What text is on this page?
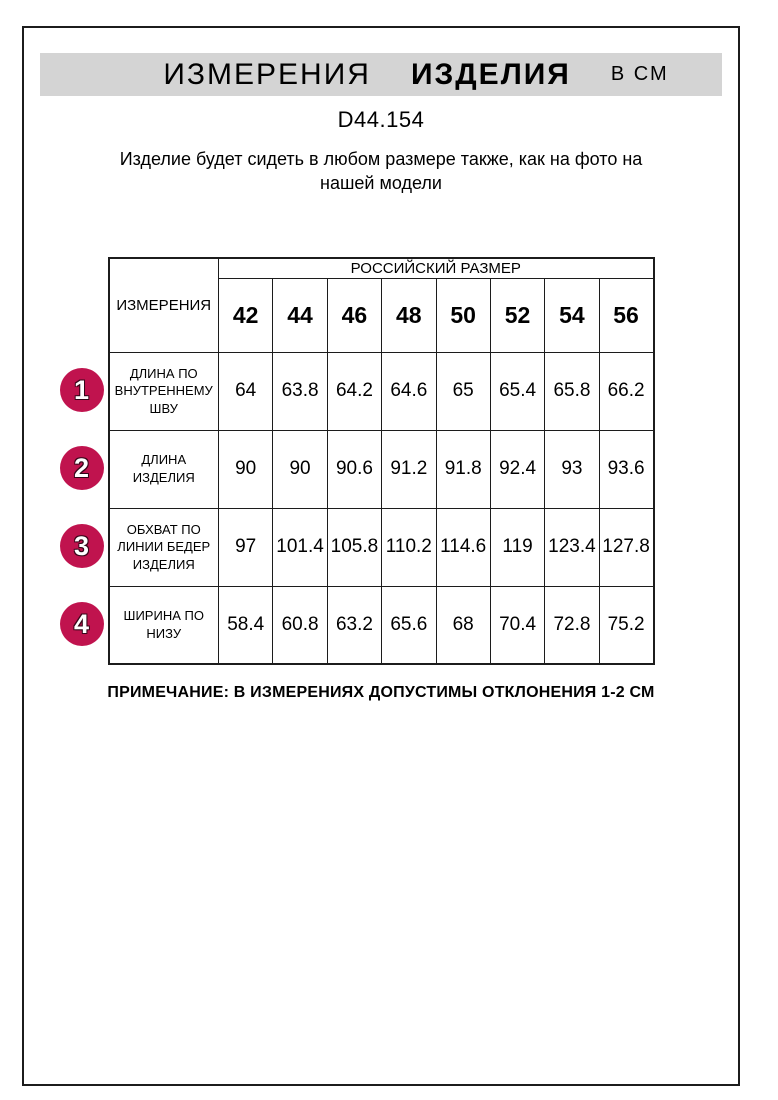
ИЗМЕРЕНИЯ ИЗДЕЛИЯ В СМ
D44.154
Изделие будет сидеть в любом размере также, как на фото на
нашей модели
1
2
3
4
ИЗМЕРЕНИЯ	РОССИЙСКИЙ РАЗМЕР							
	42	44	46	48	50	52	54	56
ДЛИНА ПО ВНУТРЕННЕМУ ШВУ	64	63.8	64.2	64.6	65	65.4	65.8	66.2
ДЛИНА ИЗДЕЛИЯ	90	90	90.6	91.2	91.8	92.4	93	93.6
ОБХВАТ ПО ЛИНИИ БЕДЕР ИЗДЕЛИЯ	97	101.4	105.8	110.2	114.6	119	123.4	127.8
ШИРИНА ПО НИЗУ	58.4	60.8	63.2	65.6	68	70.4	72.8	75.2
ПРИМЕЧАНИЕ: В ИЗМЕРЕНИЯХ ДОПУСТИМЫ ОТКЛОНЕНИЯ 1-2 СМ
